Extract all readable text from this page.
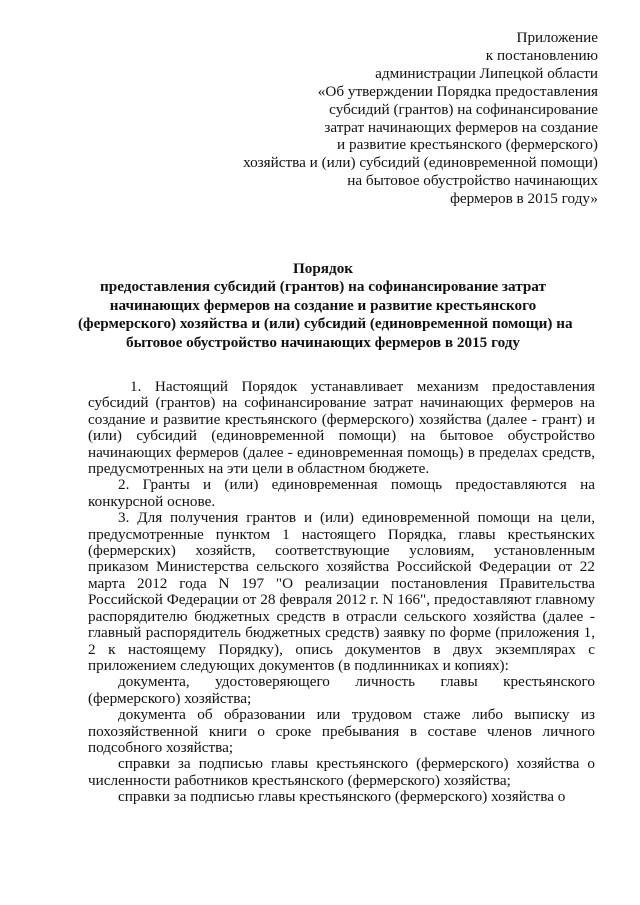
Приложение
к постановлению
администрации Липецкой области
«Об утверждении Порядка предоставления
субсидий (грантов) на софинансирование
затрат начинающих фермеров на создание
и развитие крестьянского (фермерского)
хозяйства и (или) субсидий (единовременной помощи)
на бытовое обустройство начинающих
фермеров в 2015 году»
Порядок
предоставления субсидий (грантов) на софинансирование затрат
начинающих фермеров на создание и развитие крестьянского
(фермерского) хозяйства и (или) субсидий (единовременной помощи) на
бытовое обустройство начинающих фермеров в 2015 году

1. Настоящий Порядок устанавливает механизм предоставления субсидий (грантов) на софинансирование затрат начинающих фермеров на создание и развитие крестьянского (фермерского) хозяйства (далее - грант) и (или) субсидий (единовременной помощи) на бытовое обустройство начинающих фермеров (далее - единовременная помощь) в пределах средств, предусмотренных на эти цели в областном бюджете.

2. Гранты и (или) единовременная помощь предоставляются на конкурсной основе.

3. Для получения грантов и (или) единовременной помощи на цели, предусмотренные пунктом 1 настоящего Порядка, главы крестьянских (фермерских) хозяйств, соответствующие условиям, установленным приказом Министерства сельского хозяйства Российской Федерации от 22 марта 2012 года N 197 "О реализации постановления Правительства Российской Федерации от 28 февраля 2012 г. N 166", предоставляют главному распорядителю бюджетных средств в отрасли сельского хозяйства (далее - главный распорядитель бюджетных средств) заявку по форме (приложения 1, 2 к настоящему Порядку), опись документов в двух экземплярах с приложением следующих документов (в подлинниках и копиях):

документа, удостоверяющего личность главы крестьянского (фермерского) хозяйства;

документа об образовании или трудовом стаже либо выписку из похозяйственной книги о сроке пребывания в составе членов личного подсобного хозяйства;

справки за подписью главы крестьянского (фермерского) хозяйства о численности работников крестьянского (фермерского) хозяйства;

справки за подписью главы крестьянского (фермерского) хозяйства о
